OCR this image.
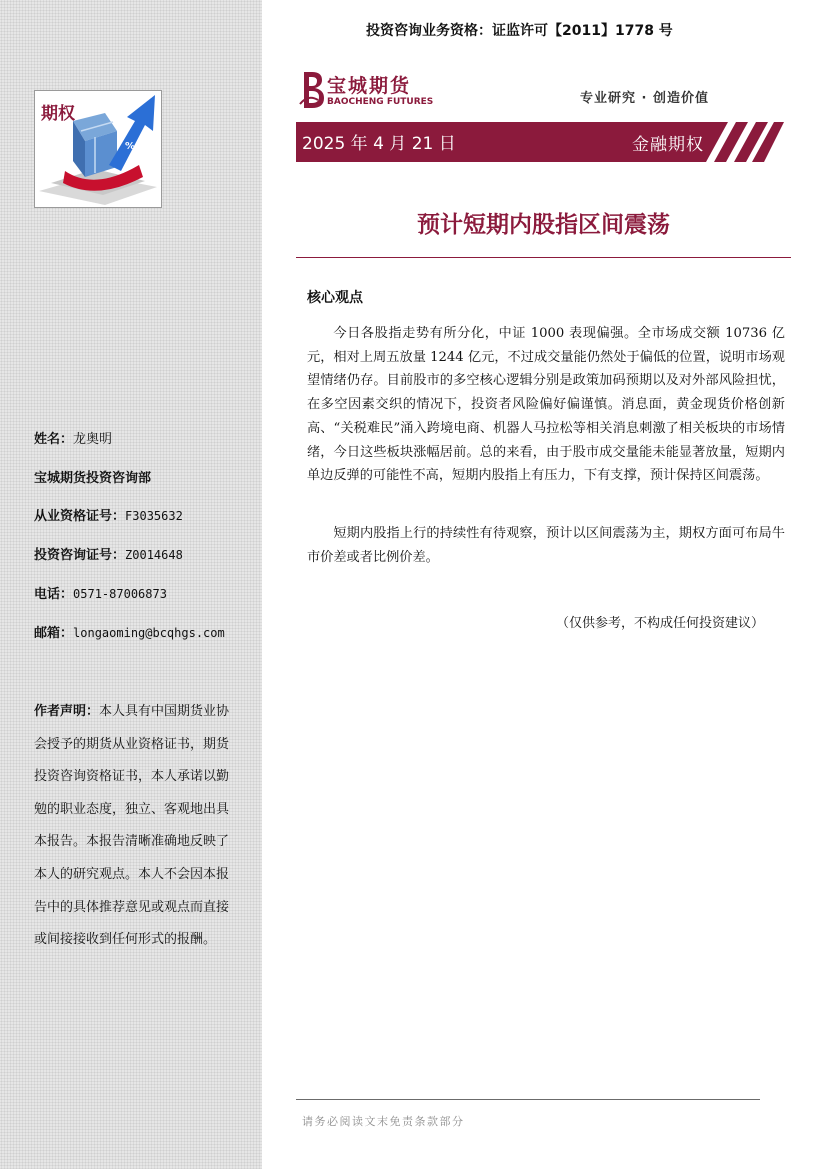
%
期权
姓名：龙奥明
宝城期货投资咨询部
从业资格证号：F3035632
投资咨询证号：Z0014648
电话：0571-87006873
邮箱：longaoming@bcqhgs.com
作者声明：本人具有中国期货业协会授予的期货从业资格证书，期货投资咨询资格证书，本人承诺以勤勉的职业态度，独立、客观地出具本报告。本报告清晰准确地反映了本人的研究观点。本人不会因本报告中的具体推荐意见或观点而直接或间接接收到任何形式的报酬。
投资咨询业务资格：证监许可【2011】1778 号
宝城期货
BAOCHENG FUTURES	专业研究 · 创造价值
2025 年 4 月 21 日	金融期权
预计短期内股指区间震荡
核心观点

今日各股指走势有所分化，中证 1000 表现偏强。全市场成交额 10736 亿元，相对上周五放量 1244 亿元，不过成交量能仍然处于偏低的位置，说明市场观望情绪仍存。目前股市的多空核心逻辑分别是政策加码预期以及对外部风险担忧，在多空因素交织的情况下，投资者风险偏好偏谨慎。消息面，黄金现货价格创新高、“关税难民”涌入跨境电商、机器人马拉松等相关消息刺激了相关板块的市场情绪，今日这些板块涨幅居前。总的来看，由于股市成交量能未能显著放量，短期内单边反弹的可能性不高，短期内股指上有压力，下有支撑，预计保持区间震荡。

短期内股指上行的持续性有待观察，预计以区间震荡为主，期权方面可布局牛市价差或者比例价差。

（仅供参考，不构成任何投资建议）
请务必阅读文末免责条款部分
